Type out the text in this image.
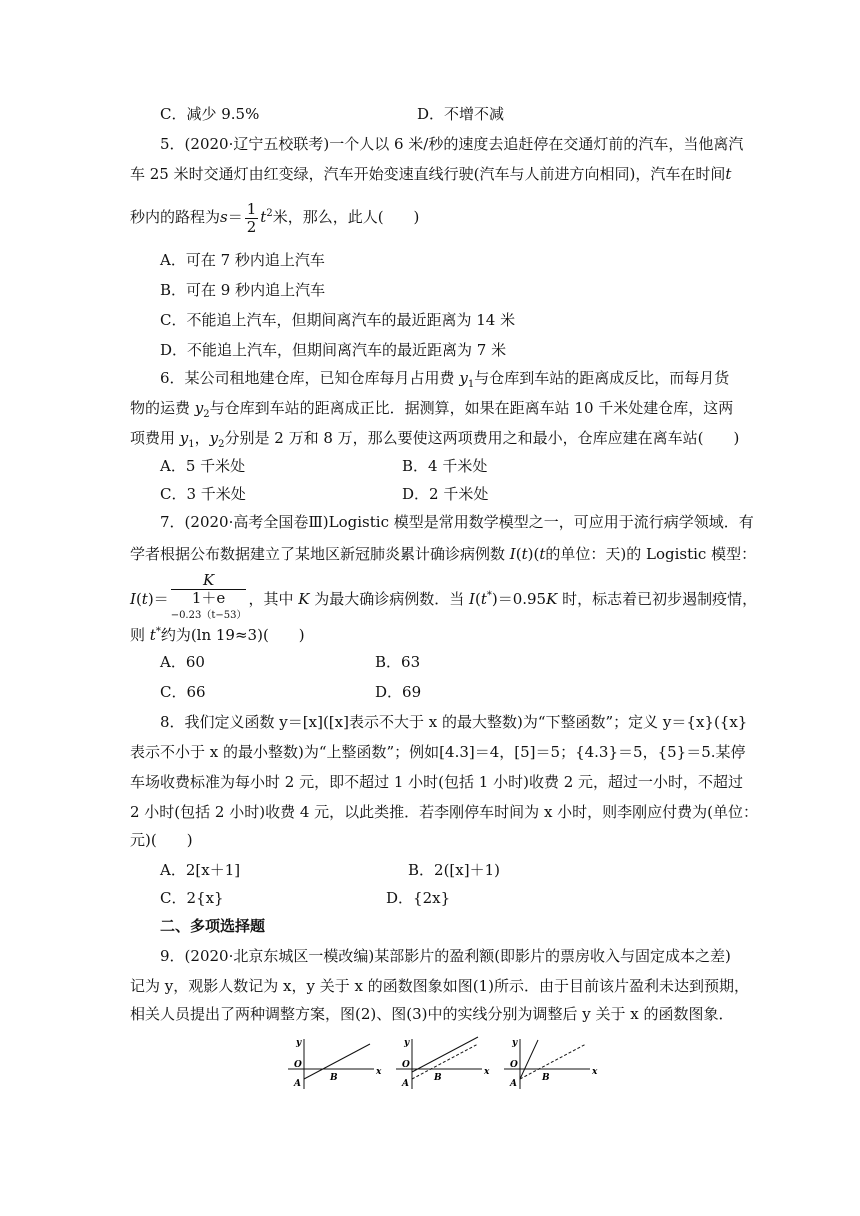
C．减少 9.5%	D．不增不减
5．(2020·辽宁五校联考)一个人以 6 米/秒的速度去追赶停在交通灯前的汽车，当他离汽
车 25 米时交通灯由红变绿，汽车开始变速直线行驶(汽车与人前进方向相同)，汽车在时间t
秒内的路程为$s= \frac{1}{2} t^2$米，那么，此人(　　)
A．可在 7 秒内追上汽车
B．可在 9 秒内追上汽车
C．不能追上汽车，但期间离汽车的最近距离为 14 米
D．不能追上汽车，但期间离汽车的最近距离为 7 米
6．某公司租地建仓库，已知仓库每月占用费 $y_1$与仓库到车站的距离成反比，而每月货
物的运费 $y_2$与仓库到车站的距离成正比．据测算，如果在距离车站 10 千米处建仓库，这两
项费用 $y_1$，$y_2$分别是 2 万和 8 万，那么要使这两项费用之和最小，仓库应建在离车站(　　)
A．5 千米处	B．4 千米处
C．3 千米处	D．2 千米处
7．(2020·高考全国卷Ⅲ)Logistic 模型是常用数学模型之一，可应用于流行病学领域．有
学者根据公布数据建立了某地区新冠肺炎累计确诊病例数 I(t)(t的单位：天)的 Logistic 模型：
I(t)＝ K
1＋e
$^{-0.23(t-53)}$ ，其中 K 为最大确诊病例数．当 I(t*)＝0.95K 时，标志着已初步遏制疫情，
则 t*约为(ln 19≈3)(　　)
A．60	B．63
C．66	D．69
8．我们定义函数 y＝[x]([x]表示不大于 x 的最大整数)为“下整函数”；定义 y＝{x}({x}
表示不小于 x 的最小整数)为“上整函数”；例如[4.3]＝4，[5]＝5；{4.3}＝5，{5}＝5.某停
车场收费标准为每小时 2 元，即不超过 1 小时(包括 1 小时)收费 2 元，超过一小时，不超过
2 小时(包括 2 小时)收费 4 元，以此类推．若李刚停车时间为 x 小时，则李刚应付费为(单位：
元)(　　)
A．2[x＋1]	B．2([x]＋1)
C．2{x}	D．{2x}
二、多项选择题
9．(2020·北京东城区一模改编)某部影片的盈利额(即影片的票房收入与固定成本之差)
记为 y，观影人数记为 x，y 关于 x 的函数图象如图(1)所示．由于目前该片盈利未达到预期，
相关人员提出了两种调整方案，图(2)、图(3)中的实线分别为调整后 y 关于 x 的函数图象．
y
x
O
A
B
y
x
O
A
B
y
x
O
A
B
